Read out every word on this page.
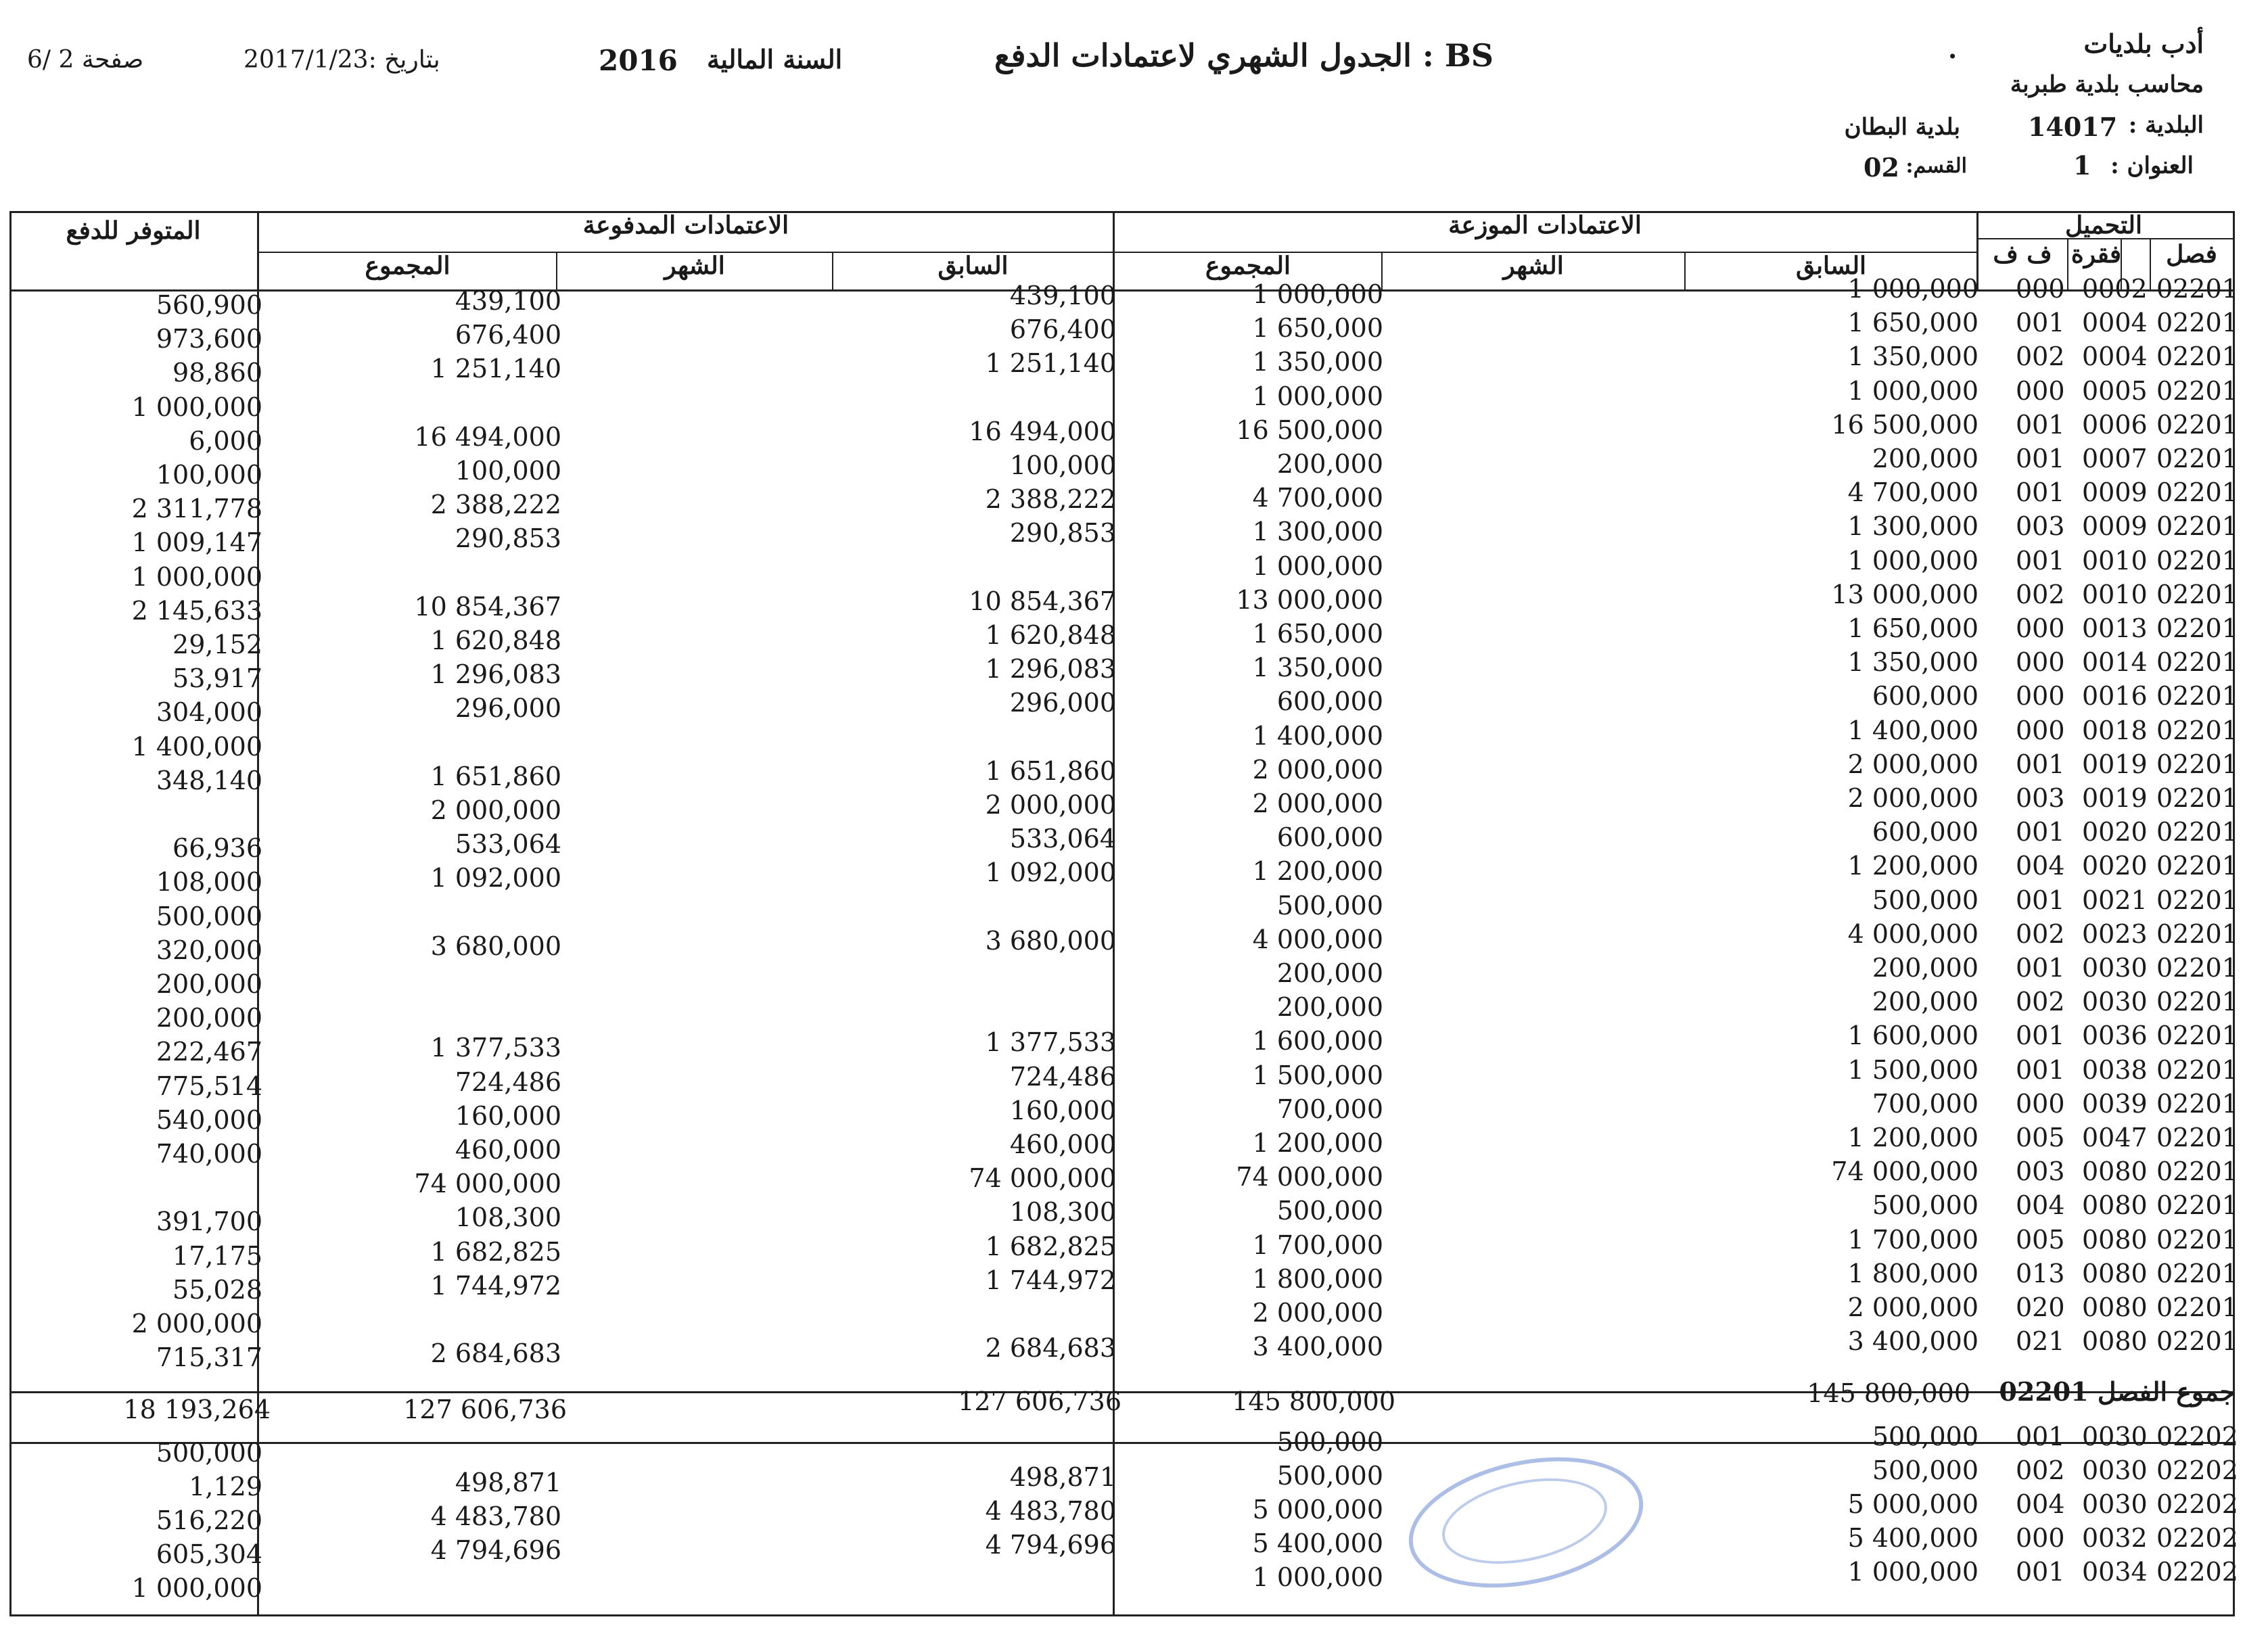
أدب بلديات
.
محاسب بلدية طبربة
البلدية :
14017
بلدية البطان
العنوان :
1
القسم:
02
BS : الجدول الشهري لاعتمادات الدفع
السنة المالية
2016
بتاريخ :2017/1/23
صفحة 2 /6
التحميل
فصل
فقرة
ف ف
الاعتمادات الموزعة
الاعتمادات المدفوعة
السابق
الشهر
المجموع
السابق
الشهر
المجموع
المتوفر للدفع
02201
0002
000
1 000,000
1 000,000
439,100
439,100
560,900
02201
0004
001
1 650,000
1 650,000
676,400
676,400
973,600
02201
0004
002
1 350,000
1 350,000
1 251,140
1 251,140
98,860
02201
0005
000
1 000,000
1 000,000
1 000,000
02201
0006
001
16 500,000
16 500,000
16 494,000
16 494,000
6,000
02201
0007
001
200,000
200,000
100,000
100,000
100,000
02201
0009
001
4 700,000
4 700,000
2 388,222
2 388,222
2 311,778
02201
0009
003
1 300,000
1 300,000
290,853
290,853
1 009,147
02201
0010
001
1 000,000
1 000,000
1 000,000
02201
0010
002
13 000,000
13 000,000
10 854,367
10 854,367
2 145,633
02201
0013
000
1 650,000
1 650,000
1 620,848
1 620,848
29,152
02201
0014
000
1 350,000
1 350,000
1 296,083
1 296,083
53,917
02201
0016
000
600,000
600,000
296,000
296,000
304,000
02201
0018
000
1 400,000
1 400,000
1 400,000
02201
0019
001
2 000,000
2 000,000
1 651,860
1 651,860
348,140
02201
0019
003
2 000,000
2 000,000
2 000,000
2 000,000
02201
0020
001
600,000
600,000
533,064
533,064
66,936
02201
0020
004
1 200,000
1 200,000
1 092,000
1 092,000
108,000
02201
0021
001
500,000
500,000
500,000
02201
0023
002
4 000,000
4 000,000
3 680,000
3 680,000
320,000
02201
0030
001
200,000
200,000
200,000
02201
0030
002
200,000
200,000
200,000
02201
0036
001
1 600,000
1 600,000
1 377,533
1 377,533
222,467
02201
0038
001
1 500,000
1 500,000
724,486
724,486
775,514
02201
0039
000
700,000
700,000
160,000
160,000
540,000
02201
0047
005
1 200,000
1 200,000
460,000
460,000
740,000
02201
0080
003
74 000,000
74 000,000
74 000,000
74 000,000
02201
0080
004
500,000
500,000
108,300
108,300
391,700
02201
0080
005
1 700,000
1 700,000
1 682,825
1 682,825
17,175
02201
0080
013
1 800,000
1 800,000
1 744,972
1 744,972
55,028
02201
0080
020
2 000,000
2 000,000
2 000,000
02201
0080
021
3 400,000
3 400,000
2 684,683
2 684,683
715,317
02202
0030
001
500,000
500,000
500,000
02202
0030
002
500,000
500,000
498,871
498,871
1,129
02202
0030
004
5 000,000
5 000,000
4 483,780
4 483,780
516,220
02202
0032
000
5 400,000
5 400,000
4 794,696
4 794,696
605,304
02202
0034
001
1 000,000
1 000,000
1 000,000
جموع الفصل 02201
145 800,000
145 800,000
127 606,736
127 606,736
18 193,264
